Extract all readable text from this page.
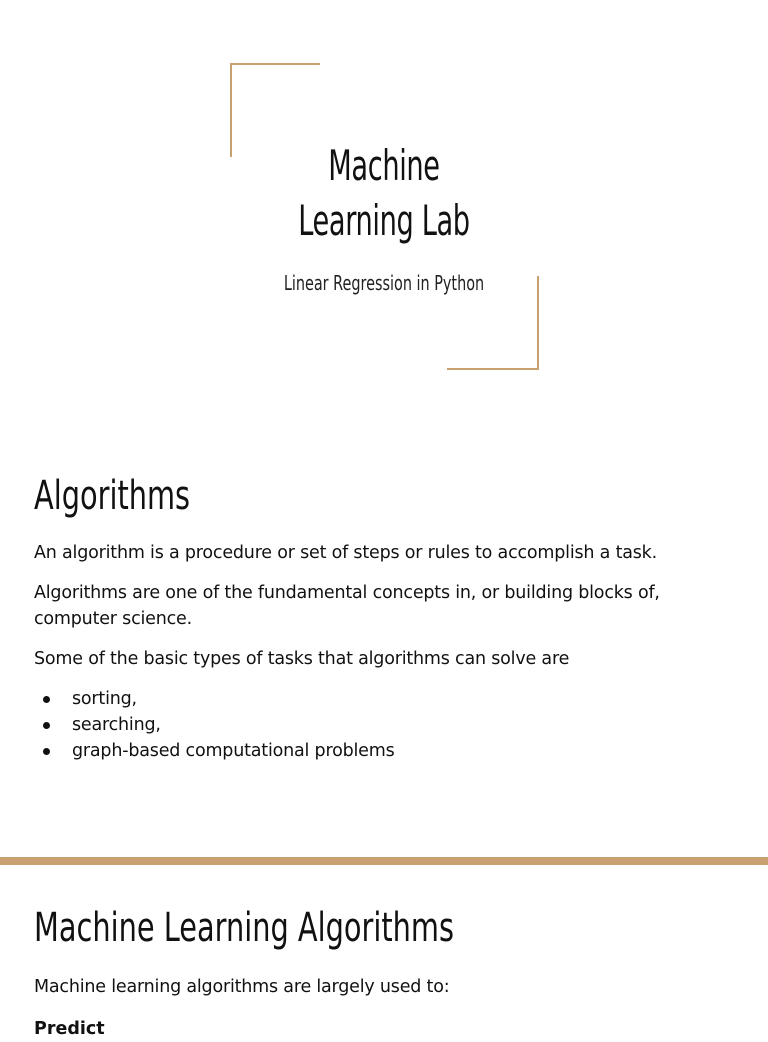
Machine
Learning Lab

Linear Regression in Python

Algorithms

An algorithm is a procedure or set of steps or rules to accomplish a task.

Algorithms are one of the fundamental concepts in, or building blocks of, computer science.

Some of the basic types of tasks that algorithms can solve are

sorting,
searching,
graph-based computational problems
Machine Learning Algorithms

Machine learning algorithms are largely used to:

Predict
